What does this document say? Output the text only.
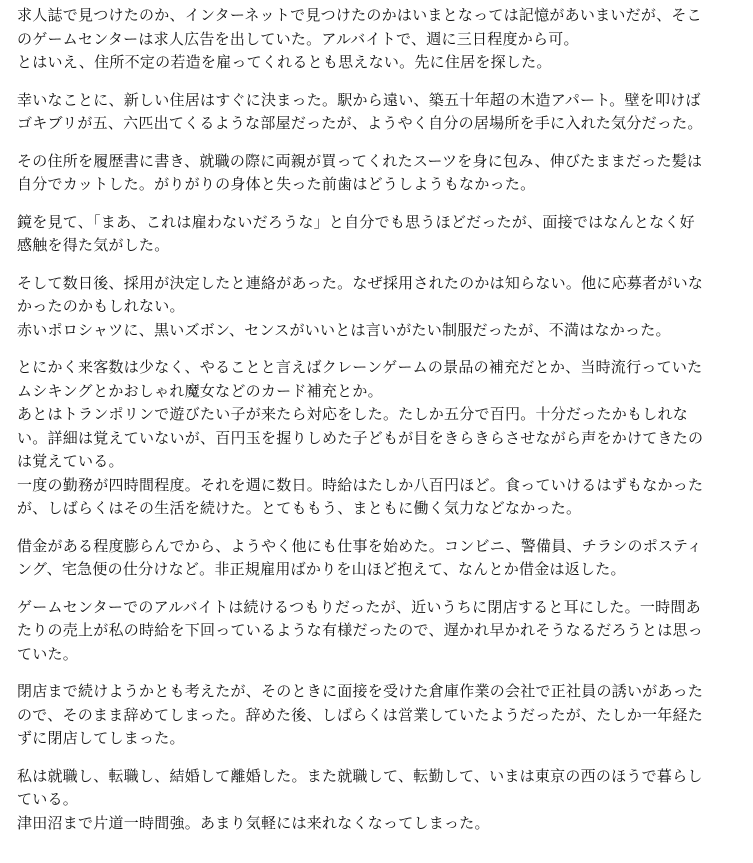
求人誌で見つけたのか、インターネットで見つけたのかはいまとなっては記憶があいまいだが、そこ
のゲームセンターは求人広告を出していた。アルバイトで、週に三日程度から可。
とはいえ、住所不定の若造を雇ってくれるとも思えない。先に住居を探した。
幸いなことに、新しい住居はすぐに決まった。駅から遠い、築五十年超の木造アパート。壁を叩けば
ゴキブリが五、六匹出てくるような部屋だったが、ようやく自分の居場所を手に入れた気分だった。
その住所を履歴書に書き、就職の際に両親が買ってくれたスーツを身に包み、伸びたままだった髪は
自分でカットした。がりがりの身体と失った前歯はどうしようもなかった。
鏡を見て、「まあ、これは雇わないだろうな」と自分でも思うほどだったが、面接ではなんとなく好
感触を得た気がした。
そして数日後、採用が決定したと連絡があった。なぜ採用されたのかは知らない。他に応募者がいな
かったのかもしれない。
赤いポロシャツに、黒いズボン、センスがいいとは言いがたい制服だったが、不満はなかった。
とにかく来客数は少なく、やることと言えばクレーンゲームの景品の補充だとか、当時流行っていた
ムシキングとかおしゃれ魔女などのカード補充とか。
あとはトランポリンで遊びたい子が来たら対応をした。たしか五分で百円。十分だったかもしれな
い。詳細は覚えていないが、百円玉を握りしめた子どもが目をきらきらさせながら声をかけてきたの
は覚えている。
一度の勤務が四時間程度。それを週に数日。時給はたしか八百円ほど。食っていけるはずもなかった
が、しばらくはその生活を続けた。とてももう、まともに働く気力などなかった。
借金がある程度膨らんでから、ようやく他にも仕事を始めた。コンビニ、警備員、チラシのポスティ
ング、宅急便の仕分けなど。非正規雇用ばかりを山ほど抱えて、なんとか借金は返した。
ゲームセンターでのアルバイトは続けるつもりだったが、近いうちに閉店すると耳にした。一時間あ
たりの売上が私の時給を下回っているような有様だったので、遅かれ早かれそうなるだろうとは思っ
ていた。
閉店まで続けようかとも考えたが、そのときに面接を受けた倉庫作業の会社で正社員の誘いがあった
ので、そのまま辞めてしまった。辞めた後、しばらくは営業していたようだったが、たしか一年経た
ずに閉店してしまった。
私は就職し、転職し、結婚して離婚した。また就職して、転勤して、いまは東京の西のほうで暮らし
ている。
津田沼まで片道一時間強。あまり気軽には来れなくなってしまった。
